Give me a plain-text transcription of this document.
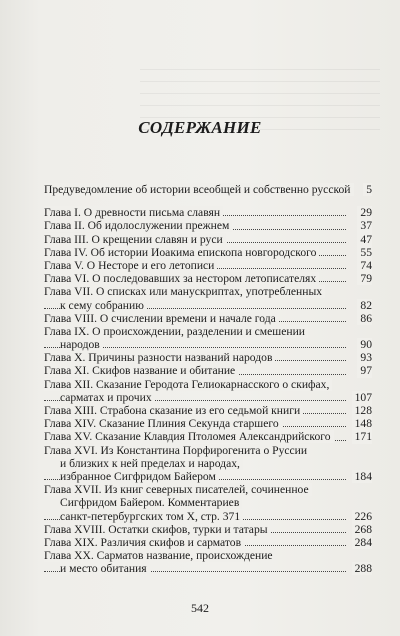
СОДЕРЖАНИЕ
Предуведомление об истории всеобщей и собственно русской 5
Глава I. О древности письма славян	29
Глава II. Об идолослужении прежнем	37
Глава III. О крещении славян и руси	47
Глава IV. Об истории Иоакима епископа новгородского	55
Глава V. О Несторе и его летописи	74
Глава VI. О последовавших за нестором летописателях	79
Глава VII. О списках или манускриптах, употребленных
к сему собранию	82
Глава VIII. О счислении времени и начале года	86
Глава IX. О происхождении, разделении и смешении
народов	90
Глава X. Причины разности названий народов	93
Глава XI. Скифов название и обитание	97
Глава XII. Сказание Геродота Гелиокарнасского о скифах,
сарматах и прочих	107
Глава XIII. Страбона сказание из его седьмой книги	128
Глава XIV. Сказание Плиния Секунда старшего	148
Глава XV. Сказание Клавдия Птоломея Александрийского 171
Глава XVI. Из Константина Порфирогенита о Руссии
и близких к ней пределах и народах,
избранное Сигфридом Байером	184
Глава XVII. Из книг северных писателей, сочиненное
Сигфридом Байером. Комментариев
санкт-петербургских том X, стр. 371	226
Глава XVIII. Остатки скифов, турки и татары	268
Глава XIX. Различия скифов и сарматов	284
Глава XX. Сарматов название, происхождение
и место обитания	288
542
